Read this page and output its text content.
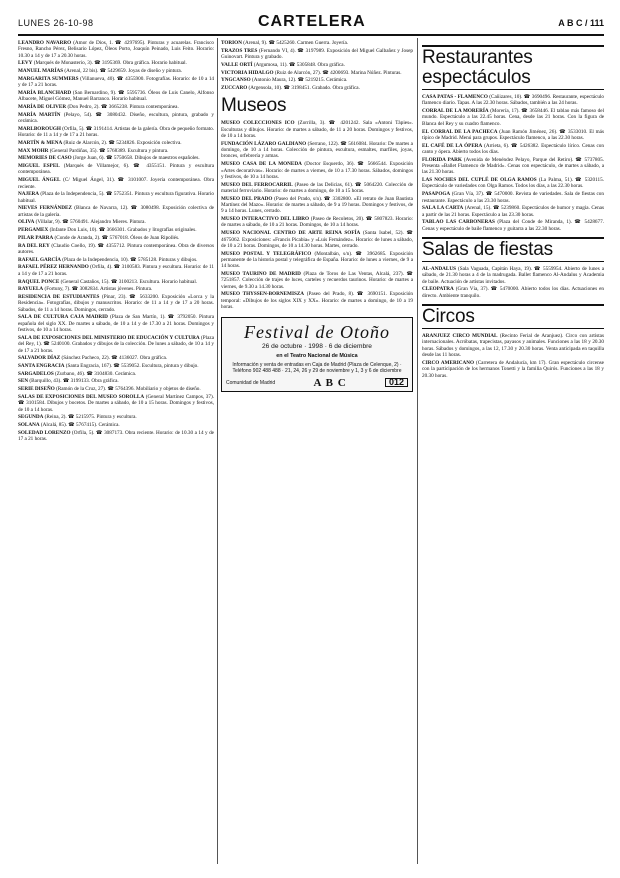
LUNES 26-10-98	CARTELERA	A B C / 111
LEANDRO NAVARRO (Amor de Dios, 1. ☎ 4297695). Pinturas y acuarelas. Francisco Fresno, Rancho Pérez, Belisario López, Óleos Porto, Joaquín Peinado, Luis Feito. Horario: 10.30 a 14 y de 17 a 20.30 horas.
LEVY (Marqués de Monasterio, 3). ☎ 3195369. Obra gráfica. Horario habitual.
MANUEL MARÍAS (Arenal, 22 bis). ☎ 5429659. Joyas de diseño y pintura.
MARGARITA SUMMERS (Villanueva, 40). ☎ 4355900. Fotografías. Horario: de 10 a 14 y de 17 a 21 horas.
MARÍA BLANCHARD (San Bernardino, 9). ☎ 5595736. Óleos de Luis Canelo, Alfonso Albacete, Miguel Gómez, Manuel Barranco. Horario habitual.
MARÍA DE OLIVER (Don Pedro, 2). ☎ 3665238. Pintura contemporánea.
MARÍA MARTÍN (Pelayo, 54). ☎ 3080432. Diseño, escultura, pintura, grabado y cerámica.
MARLBOROUGH (Orfila, 5). ☎ 3191414. Artistas de la galería. Obra de pequeño formato. Horario: de 11 a 14 y de 17 a 21 horas.
MARTÍN & MENA (Ruiz de Alarcón, 2). ☎ 5234826. Exposición colectiva.
MAX MOHR (General Pardiñas, 35). ☎ 5768389. Escultura y pintura.
MEMORIES DE CASO (Jorge Juan, 6). ☎ 5750658. Dibujos de maestros españoles.
MIGUEL ESPEL (Marqués de Villamejor, 6). ☎ 4355151. Pintura y escultura contemporánea.
MIGUEL ÁNGEL (C/ Miguel Ángel, 31). ☎ 3101007. Joyería contemporánea. Obra reciente.
NAJERA (Plaza de la Independencia, 5). ☎ 5752351. Pintura y escultura figurativa. Horario habitual.
NIEVES FERNÁNDEZ (Blanca de Navarra, 12). ☎ 3080498. Exposición colectiva de artistas de la galería.
OLIVA (Villalar, 9). ☎ 5760491. Alejandro Mieres. Pintura.
PERGAMEX (Infante Don Luis, 10). ☎ 3666301. Grabados y litografías originales.
PILAR PARRA (Conde de Aranda, 2). ☎ 5767018. Óleos de Juan Ripollés.
RA DEL REY (Claudio Coello, 19). ☎ 4355712. Pintura contemporánea. Obra de diversos autores.
RAFAEL GARCÍA (Plaza de la Independencia, 10). ☎ 5785128. Pinturas y dibujos.
RAFAEL PÉREZ HERNANDO (Orfila, 4). ☎ 3100583. Pintura y escultura. Horario: de 11 a 14 y de 17 a 21 horas.
RAQUEL PONCE (General Castaños, 15). ☎ 3100213. Escultura. Horario habitual.
RAYUELA (Fortuny, 7). ☎ 3082834. Artistas jóvenes. Pintura.
RESIDENCIA DE ESTUDIANTES (Pinar, 23). ☎ 5633200. Exposición «Lorca y la Residencia». Fotografías, dibujos y manuscritos. Horario: de 11 a 14 y de 17 a 20 horas. Sábados, de 11 a 14 horas. Domingos, cerrado.
SALA DE CULTURA CAJA MADRID (Plaza de San Martín, 1). ☎ 3792050. Pintura española del siglo XX. De martes a sábado, de 10 a 14 y de 17.30 a 21 horas. Domingos y festivos, de 10 a 14 horas.
SALA DE EXPOSICIONES DEL MINISTERIO DE EDUCACIÓN Y CULTURA (Plaza del Rey, 1). ☎ 5240100. Grabados y dibujos de la colección. De lunes a sábado, de 10 a 14 y de 17 a 21 horas.
SALVADOR DÍAZ (Sánchez Pacheco, 22). ☎ 4136027. Obra gráfica.
SANTA ENGRACIA (Santa Engracia, 167). ☎ 5539052. Escultura, pintura y dibujo.
SARGADELOS (Zurbano, 46). ☎ 3104830. Cerámica.
SEN (Barquillo, 43). ☎ 3199133. Obra gráfica.
SERIE DISEÑO (Ramón de la Cruz, 27). ☎ 5764396. Mobiliario y objetos de diseño.
SALAS DE EXPOSICIONES DEL MUSEO SOROLLA (General Martínez Campos, 37). ☎ 3101584. Dibujos y bocetos. De martes a sábado, de 10 a 15 horas. Domingos y festivos, de 10 a 14 horas.
SEGUNDA (Reina, 2). ☎ 5215975. Pintura y escultura.
SOLANA (Alcalá, 85). ☎ 5767415). Cerámica.
SOLEDAD LORENZO (Orfila, 5). ☎ 3087173. Obra reciente. Horario: de 10.30 a 14 y de 17 a 21 horas.
TORION (Arenal, 9). ☎ 5425260. Carmen Guerra. Joyería.
TRAZOS TRES (Fernando VI, 4). ☎ 3197989. Exposición del Miguel Galbañez y Josep Guinovart. Pintura y grabado.
VALLE ORTÍ (Argumosa, 11). ☎ 5305848. Obra gráfica.
VICTORIA HIDALGO (Ruiz de Alarcón, 27). ☎ 4200693. Marina Núñez. Pinturas.
YNGCANSO (Antonio Maura, 12). ☎ 5219215. Cerámica.
ZUCCARO (Argensola, 10). ☎ 3198451. Grabado. Obra gráfica.
Museos
MUSEO COLECCIONES ICO (Zorrilla, 3). ☎ 4201242. Sala «Antoni Tàpies». Esculturas y dibujos. Horario: de martes a sábado, de 11 a 20 horas. Domingos y festivos, de 10 a 14 horas.
FUNDACIÓN LÁZARO GALDIANO (Serrano, 122). ☎ 5616084. Horario: De martes a domingo, de 10 a 14 horas. Colección de pintura, escultura, esmaltes, marfiles, joyas, bronces, orfebrería y armas.
MUSEO CASA DE LA MONEDA (Doctor Esquerdo, 36). ☎ 5666544. Exposición «Artes decorativas». Horario: de martes a viernes, de 10 a 17.30 horas. Sábados, domingos y festivos, de 10 a 14 horas.
MUSEO DEL FERROCARRIL (Paseo de las Delicias, 61). ☎ 5064220. Colección de material ferroviario. Horario: de martes a domingo, de 10 a 15 horas.
MUSEO DEL PRADO (Paseo del Prado, s/n). ☎ 3302800. «El retrato de Juan Bautista Martínez del Mazo». Horario: de martes a sábado, de 9 a 19 horas. Domingos y festivos, de 9 a 14 horas. Lunes, cerrado.
MUSEO INTERACTIVO DEL LIBRO (Paseo de Recoletos, 20). ☎ 5807823. Horario: de martes a sábado, de 10 a 21 horas. Domingos, de 10 a 14 horas.
MUSEO NACIONAL CENTRO DE ARTE REINA SOFÍA (Santa Isabel, 52). ☎ 4675062. Exposiciones: «Francis Picabia» y «Luis Fernández». Horario: de lunes a sábado, de 10 a 21 horas. Domingos, de 10 a 14.30 horas. Martes, cerrado.
MUSEO POSTAL Y TELEGRÁFICO (Montalbán, s/n). ☎ 3962685. Exposición permanente de la historia postal y telegráfica de España. Horario: de lunes a viernes, de 9 a 14 horas.
MUSEO TAURINO DE MADRID (Plaza de Toros de Las Ventas, Alcalá, 237). ☎ 7251857. Colección de trajes de luces, carteles y recuerdos taurinos. Horario: de martes a viernes, de 9.30 a 14.30 horas.
MUSEO THYSSEN-BORNEMISZA (Paseo del Prado, 8). ☎ 3690151. Exposición temporal: «Dibujos de los siglos XIX y XX». Horario: de martes a domingo, de 10 a 19 horas.
Festival de Otoño
26 de octubre · 1998 · 6 de diciembre
en el Teatro Nacional de Música
Información y venta de entradas en Caja de Madrid (Plaza de Celenque, 2) · Teléfono 902 488 488 · 21, 24, 26 y 29 de noviembre y 1, 3 y 6 de diciembre
Comunidad de Madrid	A B C	012
Restaurantes espectáculos
CASA PATAS - FLAMENCO (Cañizares, 10). ☎ 3690496. Restaurante, espectáculo flamenco diario. Tapas. A las 22.30 horas. Sábados, también a las 24 horas.
CORRAL DE LA MORERÍA (Morería, 17). ☎ 3658446. El tablao más famoso del mundo. Espectáculo a las 22.45 horas. Cena, desde las 21 horas. Con la figura de Blanca del Rey y su cuadro flamenco.
EL CORRAL DE LA PACHECA (Juan Ramón Jiménez, 26). ☎ 3533010. El más típico de Madrid. Menú para grupos. Espectáculo flamenco, a las 22.30 horas.
EL CAFÉ DE LA ÓPERA (Arrieta, 6). ☎ 5426382. Espectáculo lírico. Cenas con canto y ópera. Abierto todos los días.
FLORIDA PARK (Avenida de Menéndez Pelayo, Parque del Retiro). ☎ 5737805. Presenta «Ballet Flamenco de Madrid». Cenas con espectáculo, de martes a sábado, a las 21.30 horas.
LAS NOCHES DEL CUPLÉ DE OLGA RAMOS (La Palma, 51). ☎ 5320115. Espectáculo de variedades con Olga Ramos. Todos los días, a las 22.30 horas.
PASAPOGA (Gran Vía, 37). ☎ 5470000. Revista de variedades. Sala de fiestas con restaurante. Espectáculo a las 23.30 horas.
SALA LA CARTA (Arenal, 15). ☎ 5239860. Espectáculos de humor y magia. Cenas a partir de las 21 horas. Espectáculo a las 23.30 horas.
TABLAO LAS CARBONERAS (Plaza del Conde de Miranda, 1). ☎ 5428677. Cenas y espectáculo de baile flamenco y guitarra a las 22.30 horas.
Salas de fiestas
AL-ANDALUS (Sala Vaguada, Capitán Haya, 19). ☎ 5559954. Abierto de lunes a sábado, de 21.30 horas a 4 de la madrugada. Ballet flamenco Al-Andalus y Academia de baile. Actuación de artistas invitados.
CLEOPATRA (Gran Vía, 37). ☎ 5470000. Abierto todos los días. Actuaciones en directo. Ambiente tranquilo.
Circos
ARANJUEZ CIRCO MUNDIAL (Recinto Ferial de Aranjuez). Circo con artistas internacionales. Acróbatas, trapecistas, payasos y animales. Funciones a las 18 y 20.30 horas. Sábados y domingos, a las 12, 17.30 y 20.30 horas. Venta anticipada en taquilla desde las 11 horas.
CIRCO AMERICANO (Carretera de Andalucía, km 17). Gran espectáculo circense con la participación de los hermanos Tonetti y la familia Quirós. Funciones a las 18 y 20.30 horas.
